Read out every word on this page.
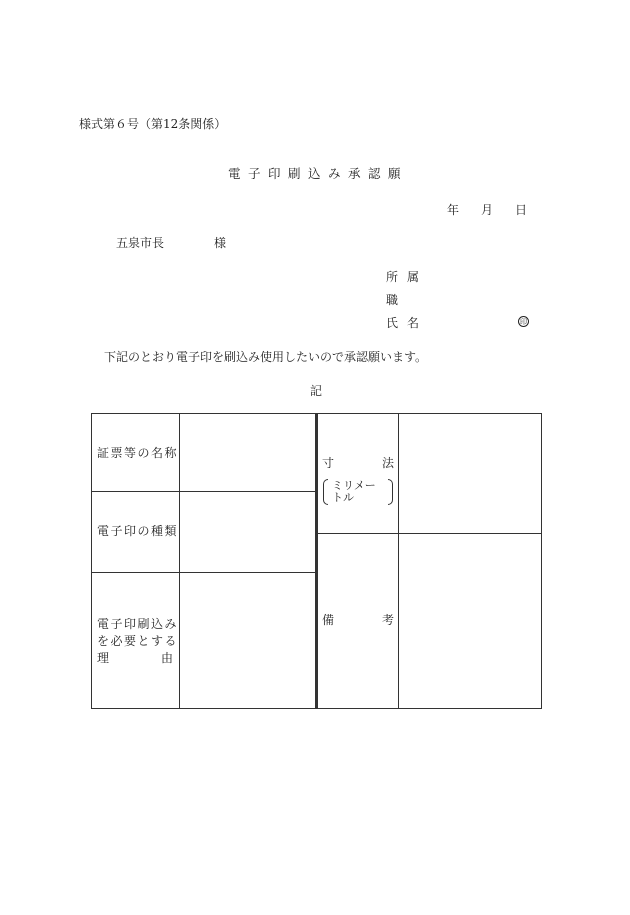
様式第６号（第12条関係）
電子印刷込み承認願
年 月 日
五泉市長	様
所属
職
氏名	印
下記のとおり電子印を刷込み使用したいので承認願います。
記
証票等の名称
電子印の種類
電子印刷込み
を必要とする
理	由
寸	法
ミリメー
トル
備	考
